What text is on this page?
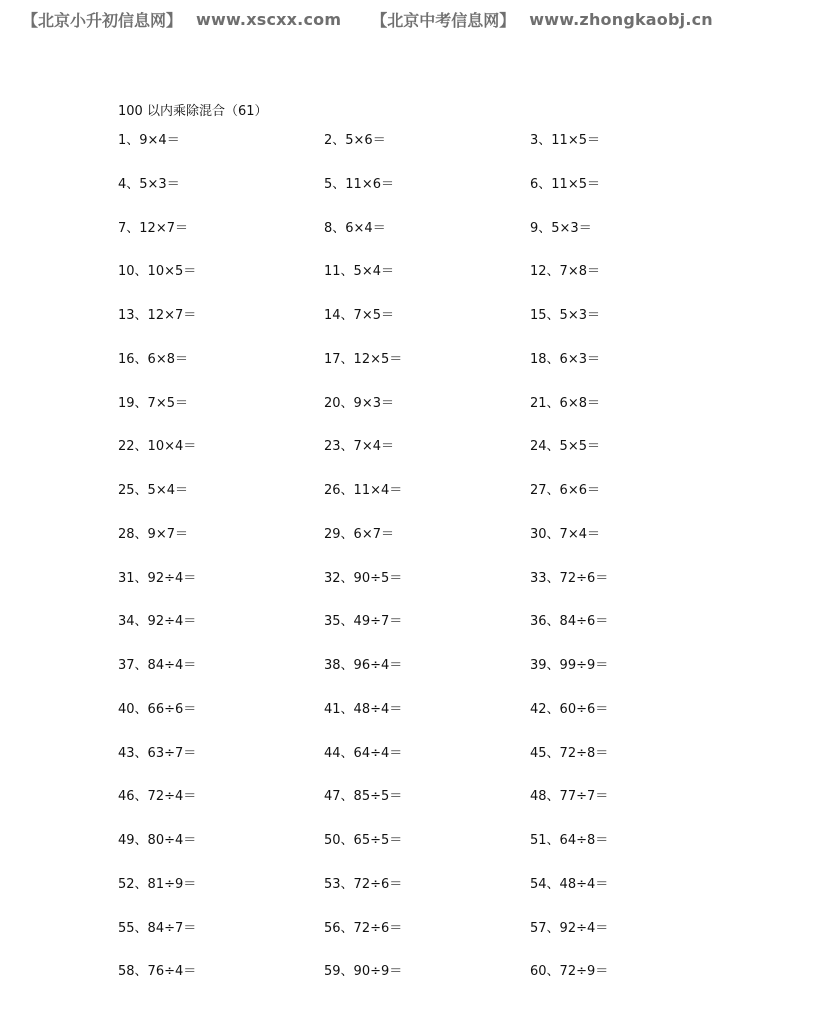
【北京小升初信息网】 www.xscxx.com 【北京中考信息网】 www.zhongkaobj.cn
100 以内乘除混合（61）
1、9×4＝	2、5×6＝	3、11×5＝
4、5×3＝	5、11×6＝	6、11×5＝
7、12×7＝	8、6×4＝	9、5×3＝
10、10×5＝	11、5×4＝	12、7×8＝
13、12×7＝	14、7×5＝	15、5×3＝
16、6×8＝	17、12×5＝	18、6×3＝
19、7×5＝	20、9×3＝	21、6×8＝
22、10×4＝	23、7×4＝	24、5×5＝
25、5×4＝	26、11×4＝	27、6×6＝
28、9×7＝	29、6×7＝	30、7×4＝
31、92÷4＝	32、90÷5＝	33、72÷6＝
34、92÷4＝	35、49÷7＝	36、84÷6＝
37、84÷4＝	38、96÷4＝	39、99÷9＝
40、66÷6＝	41、48÷4＝	42、60÷6＝
43、63÷7＝	44、64÷4＝	45、72÷8＝
46、72÷4＝	47、85÷5＝	48、77÷7＝
49、80÷4＝	50、65÷5＝	51、64÷8＝
52、81÷9＝	53、72÷6＝	54、48÷4＝
55、84÷7＝	56、72÷6＝	57、92÷4＝
58、76÷4＝	59、90÷9＝	60、72÷9＝
